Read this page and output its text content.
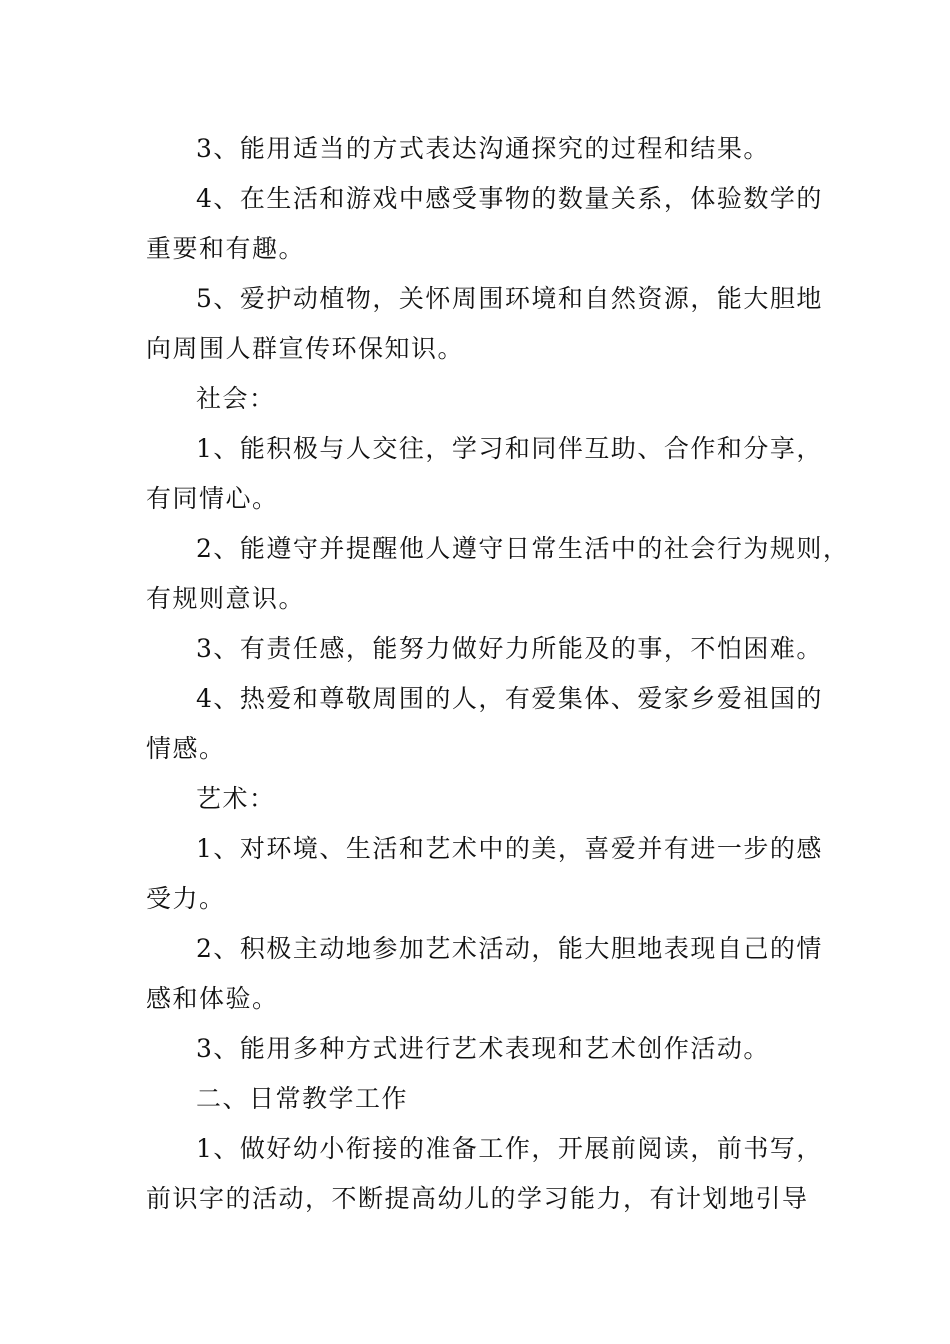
3、能用适当的方式表达沟通探究的过程和结果。
4、在生活和游戏中感受事物的数量关系，体验数学的
重要和有趣。
5、爱护动植物，关怀周围环境和自然资源，能大胆地
向周围人群宣传环保知识。
社会：
1、能积极与人交往，学习和同伴互助、合作和分享，
有同情心。
2、能遵守并提醒他人遵守日常生活中的社会行为规则，
有规则意识。
3、有责任感，能努力做好力所能及的事，不怕困难。
4、热爱和尊敬周围的人，有爱集体、爱家乡爱祖国的
情感。
艺术：
1、对环境、生活和艺术中的美，喜爱并有进一步的感
受力。
2、积极主动地参加艺术活动，能大胆地表现自己的情
感和体验。
3、能用多种方式进行艺术表现和艺术创作活动。
二、日常教学工作
1、做好幼小衔接的准备工作，开展前阅读，前书写，
前识字的活动，不断提高幼儿的学习能力，有计划地引导
